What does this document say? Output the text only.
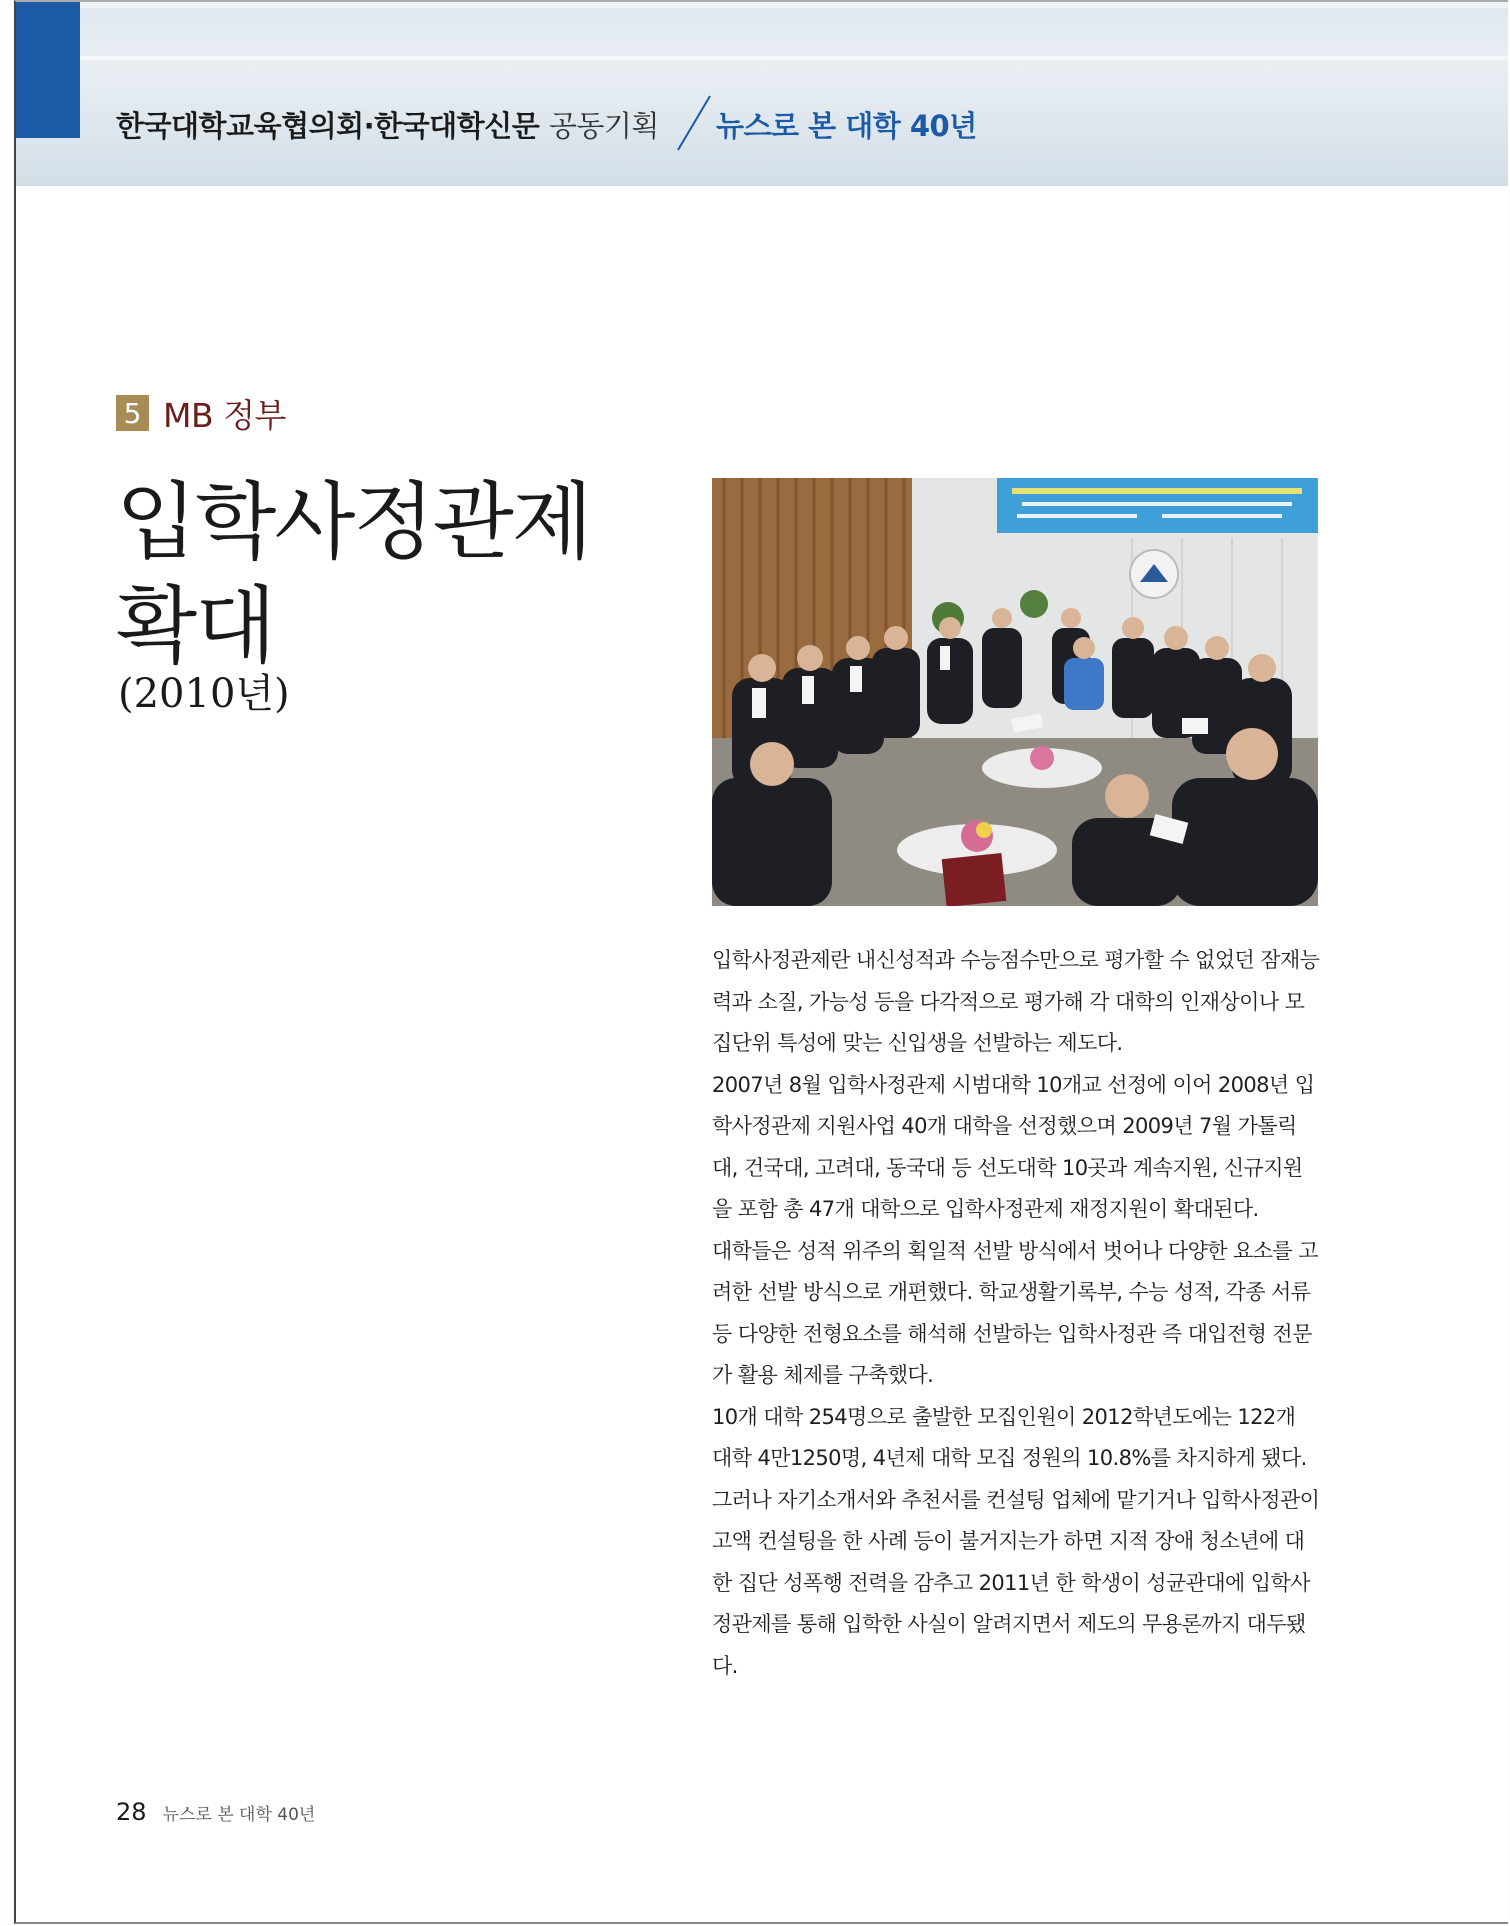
한국대학교육협의회·한국대학신문 공동기획 뉴스로 본 대학 40년
5 MB 정부
입학사정관제
확대
(2010년)

입학사정관제란 내신성적과 수능점수만으로 평가할 수 없었던 잠재능력과 소질, 가능성 등을 다각적으로 평가해 각 대학의 인재상이나 모집단위 특성에 맞는 신입생을 선발하는 제도다.

2007년 8월 입학사정관제 시범대학 10개교 선정에 이어 2008년 입학사정관제 지원사업 40개 대학을 선정했으며 2009년 7월 가톨릭대, 건국대, 고려대, 동국대 등 선도대학 10곳과 계속지원, 신규지원을 포함 총 47개 대학으로 입학사정관제 재정지원이 확대된다.

대학들은 성적 위주의 획일적 선발 방식에서 벗어나 다양한 요소를 고려한 선발 방식으로 개편했다. 학교생활기록부, 수능 성적, 각종 서류 등 다양한 전형요소를 해석해 선발하는 입학사정관 즉 대입전형 전문가 활용 체제를 구축했다.

10개 대학 254명으로 출발한 모집인원이 2012학년도에는 122개 대학 4만1250명, 4년제 대학 모집 정원의 10.8%를 차지하게 됐다.

그러나 자기소개서와 추천서를 컨설팅 업체에 맡기거나 입학사정관이 고액 컨설팅을 한 사례 등이 불거지는가 하면 지적 장애 청소년에 대한 집단 성폭행 전력을 감추고 2011년 한 학생이 성균관대에 입학사정관제를 통해 입학한 사실이 알려지면서 제도의 무용론까지 대두됐다.

28 뉴스로 본 대학 40년
